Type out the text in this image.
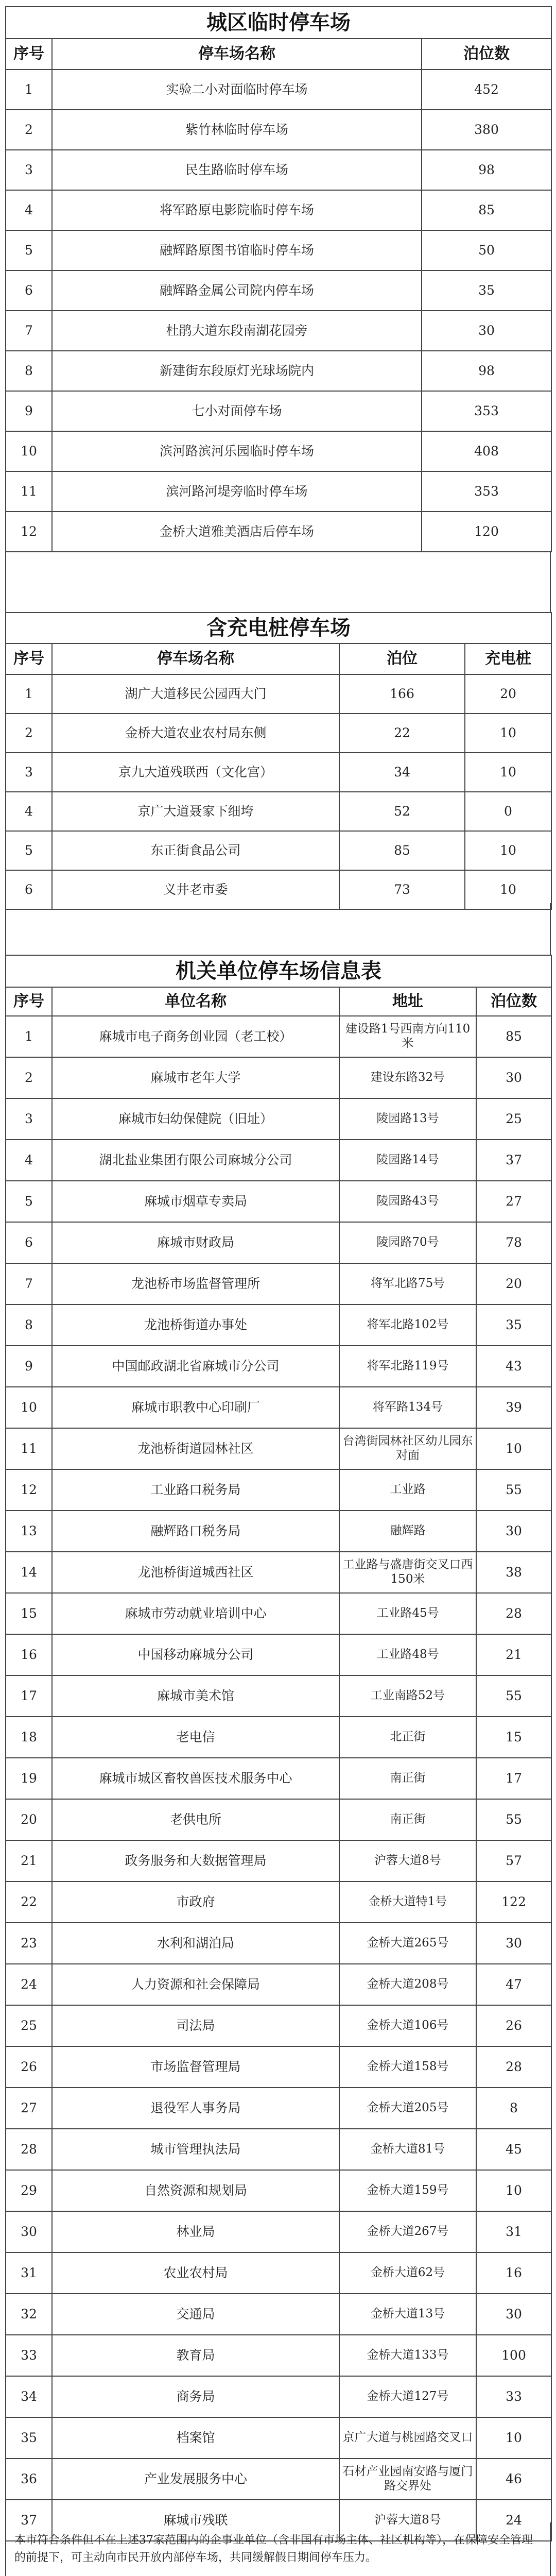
城区临时停车场		
序号	停车场名称	泊位数
1	实验二小对面临时停车场	452
2	紫竹林临时停车场	380
3	民生路临时停车场	98
4	将军路原电影院临时停车场	85
5	融辉路原图书馆临时停车场	50
6	融辉路金属公司院内停车场	35
7	杜鹃大道东段南湖花园旁	30
8	新建街东段原灯光球场院内	98
9	七小对面停车场	353
10	滨河路滨河乐园临时停车场	408
11	滨河路河堤旁临时停车场	353
12	金桥大道雅美酒店后停车场	120
含充电桩停车场			
序号	停车场名称	泊位	充电桩
1	湖广大道移民公园西大门	166	20
2	金桥大道农业农村局东侧	22	10
3	京九大道残联西（文化宫）	34	10
4	京广大道聂家下细垮	52	0
5	东正街食品公司	85	10
6	义井老市委	73	10
机关单位停车场信息表			
序号	单位名称	地址	泊位数
1	麻城市电子商务创业园（老工校）	建设路1号西南方向110米	85
2	麻城市老年大学	建设东路32号	30
3	麻城市妇幼保健院（旧址）	陵园路13号	25
4	湖北盐业集团有限公司麻城分公司	陵园路14号	37
5	麻城市烟草专卖局	陵园路43号	27
6	麻城市财政局	陵园路70号	78
7	龙池桥市场监督管理所	将军北路75号	20
8	龙池桥街道办事处	将军北路102号	35
9	中国邮政湖北省麻城市分公司	将军北路119号	43
10	麻城市职教中心印刷厂	将军路134号	39
11	龙池桥街道园林社区	台湾街园林社区幼儿园东对面	10
12	工业路口税务局	工业路	55
13	融辉路口税务局	融辉路	30
14	龙池桥街道城西社区	工业路与盛唐街交叉口西150米	38
15	麻城市劳动就业培训中心	工业路45号	28
16	中国移动麻城分公司	工业路48号	21
17	麻城市美术馆	工业南路52号	55
18	老电信	北正街	15
19	麻城市城区畜牧兽医技术服务中心	南正街	17
20	老供电所	南正街	55
21	政务服务和大数据管理局	沪蓉大道8号	57
22	市政府	金桥大道特1号	122
23	水利和湖泊局	金桥大道265号	30
24	人力资源和社会保障局	金桥大道208号	47
25	司法局	金桥大道106号	26
26	市场监督管理局	金桥大道158号	28
27	退役军人事务局	金桥大道205号	8
28	城市管理执法局	金桥大道81号	45
29	自然资源和规划局	金桥大道159号	10
30	林业局	金桥大道267号	31
31	农业农村局	金桥大道62号	16
32	交通局	金桥大道13号	30
33	教育局	金桥大道133号	100
34	商务局	金桥大道127号	33
35	档案馆	京广大道与桃园路交叉口	10
36	产业发展服务中心	石材产业园南安路与厦门路交界处	46
37	麻城市残联	沪蓉大道8号	24
本市符合条件但不在上述37家范围内的企事业单位（含非国有市场主体、社区机构等），在保障安全管理的前提下，可主动向市民开放内部停车场，共同缓解假日期间停车压力。
